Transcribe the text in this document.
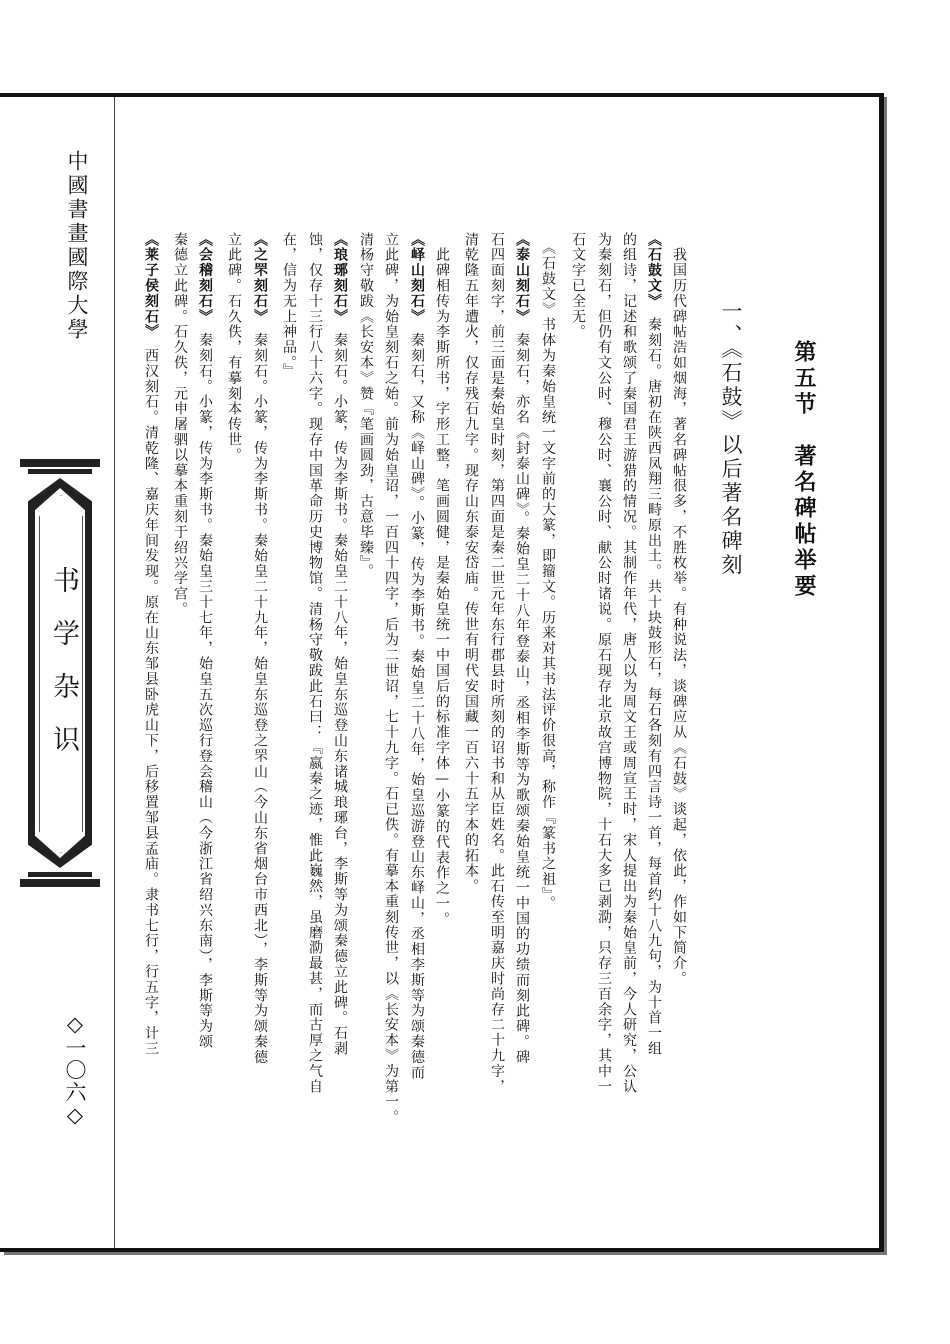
中國書畫國際大學
书学杂识
◇一〇六◇
第五节　著名碑帖举要
一、《石鼓》以后著名碑刻
　我国历代碑帖浩如烟海，著名碑帖很多，不胜枚举。有种说法，谈碑应从《石鼓》谈起，依此，作如下简介。
《石鼓文》　秦刻石。唐初在陕西凤翔三畤原出土。共十块鼓形石，每石各刻有四言诗一首，每首约十八九句，为十首一组
的组诗，记述和歌颂了秦国君王游猎的情况。其制作年代，唐人以为周文王或周宣王时，宋人提出为秦始皇前，今人研究，公认
为秦刻石，但仍有文公时、穆公时、襄公时、献公时诸说。原石现存北京故宫博物院，十石大多已剥泐，只存三百余字，其中一
石文字已全无。
　《石鼓文》书体为秦始皇统一文字前的大篆，即籀文。历来对其书法评价很高，称作『篆书之祖』。
《泰山刻石》　秦刻石，亦名《封泰山碑》。秦始皇二十八年登泰山，丞相李斯等为歌颂秦始皇统一中国的功绩而刻此碑。碑
石四面刻字，前三面是秦始皇时刻，第四面是秦二世元年东行郡县时所刻的诏书和从臣姓名。此石传至明嘉庆时尚存二十九字，
清乾隆五年遭火，仅存残石九字。现存山东泰安岱庙。传世有明代安国藏一百六十五字本的拓本。
　此碑相传为李斯所书，字形工整，笔画圆健，是秦始皇统一中国后的标准字体—小篆的代表作之一。
《峄山刻石》　秦刻石，又称《峄山碑》。小篆，传为李斯书。秦始皇二十八年，始皇巡游登山东峄山，丞相李斯等为颂秦德而
立此碑，为始皇刻石之始。前为始皇诏，一百四十四字，后为二世诏，七十九字。石已佚。有摹本重刻传世，以《长安本》为第一。
清杨守敬跋《长安本》赞『笔画圆劲，古意毕臻』。
《琅琊刻石》　秦刻石。小篆，传为李斯书。秦始皇二十八年，始皇东巡登山东诸城琅琊台，李斯等为颂秦德立此碑。石剥
蚀，仅存十三行八十六字。现存中国革命历史博物馆。清杨守敬跋此石曰：『嬴秦之迹，惟此巍然，虽磨泐最甚，而古厚之气自
在，信为无上神品。』
《之罘刻石》　秦刻石。小篆，传为李斯书。秦始皇二十九年，始皇东巡登之罘山（今山东省烟台市西北），李斯等为颂秦德
立此碑。石久佚，有摹刻本传世。
《会稽刻石》　秦刻石。小篆，传为李斯书。秦始皇三十七年，始皇五次巡行登会稽山（今浙江省绍兴东南），李斯等为颂
秦德立此碑。石久佚，元申屠驷以摹本重刻于绍兴学宫。
《莱子侯刻石》　西汉刻石。清乾隆、嘉庆年间发现。原在山东邹县卧虎山下，后移置邹县孟庙。隶书七行，行五字，计三
